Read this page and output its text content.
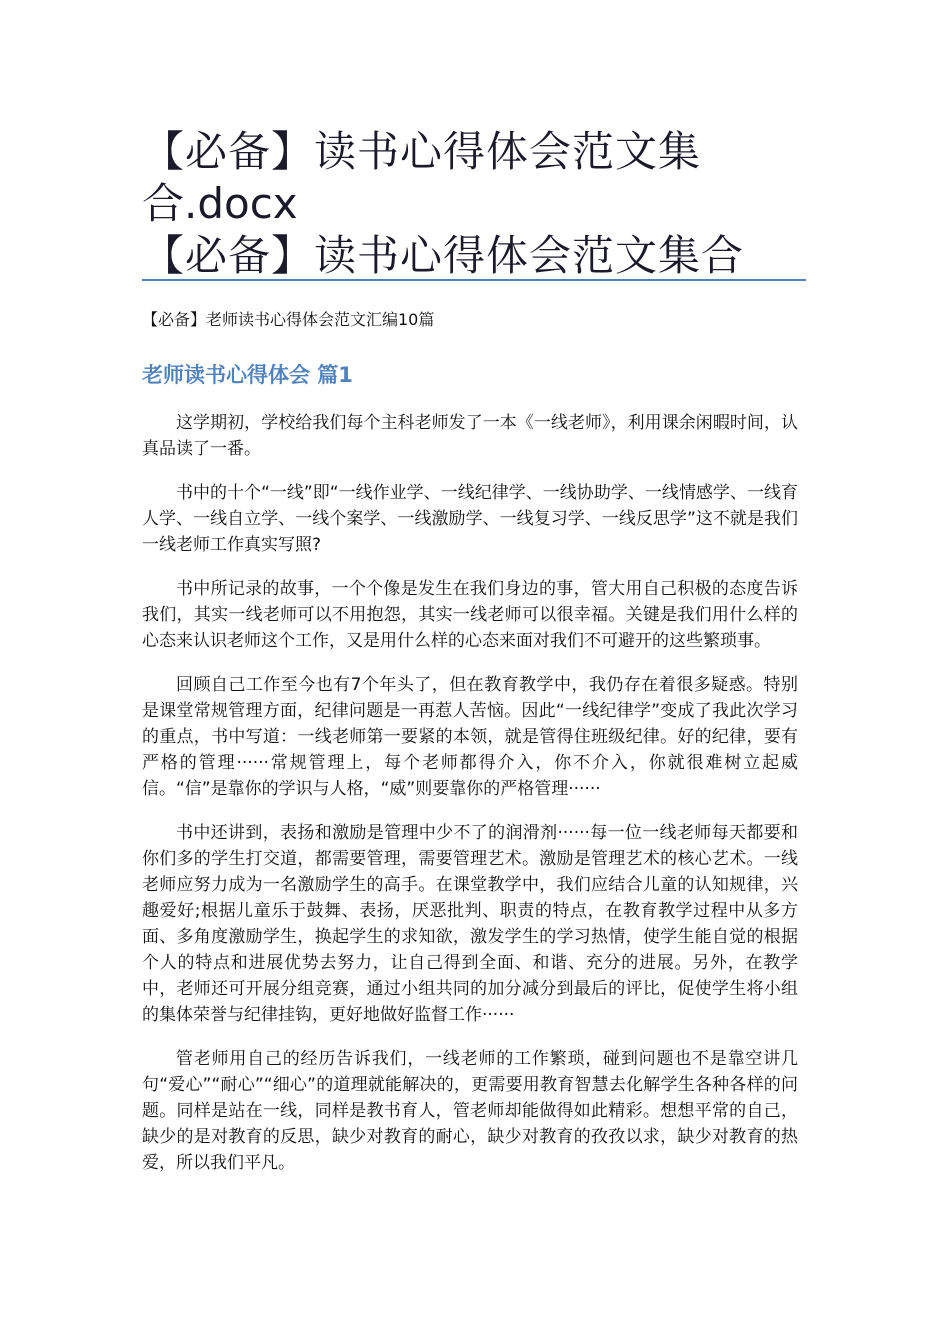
【必备】读书心得体会范文集
合.docx
【必备】读书心得体会范文集合
【必备】老师读书心得体会范文汇编10篇
老师读书心得体会 篇1

这学期初，学校给我们每个主科老师发了一本《一线老师》，利用课余闲暇时间，认真品读了一番。

书中的十个“一线”即“一线作业学、一线纪律学、一线协助学、一线情感学、一线育人学、一线自立学、一线个案学、一线激励学、一线复习学、一线反思学”这不就是我们一线老师工作真实写照?

书中所记录的故事，一个个像是发生在我们身边的事，管大用自己积极的态度告诉我们，其实一线老师可以不用抱怨，其实一线老师可以很幸福。关键是我们用什么样的心态来认识老师这个工作，又是用什么样的心态来面对我们不可避开的这些繁琐事。

回顾自己工作至今也有7个年头了，但在教育教学中，我仍存在着很多疑惑。特别是课堂常规管理方面，纪律问题是一再惹人苦恼。因此“一线纪律学”变成了我此次学习的重点，书中写道：一线老师第一要紧的本领，就是管得住班级纪律。好的纪律，要有严格的管理······常规管理上，每个老师都得介入，你不介入，你就很难树立起威信。“信”是靠你的学识与人格，“威”则要靠你的严格管理······

书中还讲到，表扬和激励是管理中少不了的润滑剂······每一位一线老师每天都要和你们多的学生打交道，都需要管理，需要管理艺术。激励是管理艺术的核心艺术。一线老师应努力成为一名激励学生的高手。在课堂教学中，我们应结合儿童的认知规律，兴趣爱好;根据儿童乐于鼓舞、表扬，厌恶批判、职责的特点，在教育教学过程中从多方面、多角度激励学生，换起学生的求知欲，激发学生的学习热情，使学生能自觉的根据个人的特点和进展优势去努力，让自己得到全面、和谐、充分的进展。另外，在教学中，老师还可开展分组竞赛，通过小组共同的加分减分到最后的评比，促使学生将小组的集体荣誉与纪律挂钩，更好地做好监督工作······

管老师用自己的经历告诉我们，一线老师的工作繁琐，碰到问题也不是靠空讲几句“爱心”“耐心”“细心”的道理就能解决的，更需要用教育智慧去化解学生各种各样的问题。同样是站在一线，同样是教书育人，管老师却能做得如此精彩。想想平常的自己，缺少的是对教育的反思，缺少对教育的耐心，缺少对教育的孜孜以求，缺少对教育的热爱，所以我们平凡。
